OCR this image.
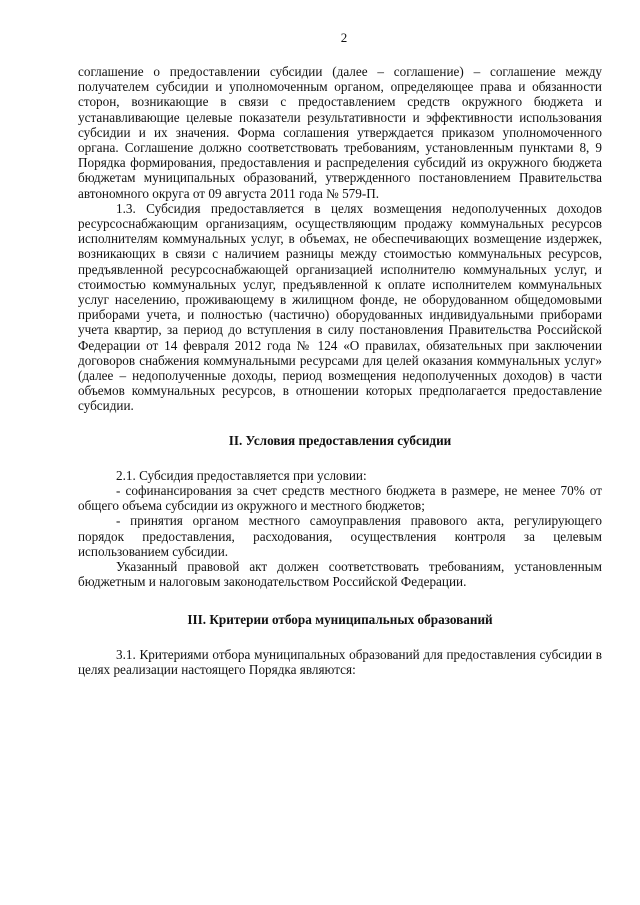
2

соглашение о предоставлении субсидии (далее – соглашение) – соглашение между получателем субсидии и уполномоченным органом, определяющее права и обязанности сторон, возникающие в связи с предоставлением средств окружного бюджета и устанавливающие целевые показатели результативности и эффективности использования субсидии и их значения. Форма соглашения утверждается приказом уполномоченного органа. Соглашение должно соответствовать требованиям, установленным пунктами 8, 9 Порядка формирования, предоставления и распределения субсидий из окружного бюджета бюджетам муниципальных образований, утвержденного постановлением Правительства автономного округа от 09 августа 2011 года № 579-П.

1.3. Субсидия предоставляется в целях возмещения недополученных доходов ресурсоснабжающим организациям, осуществляющим продажу коммунальных ресурсов исполнителям коммунальных услуг, в объемах, не обеспечивающих возмещение издержек, возникающих в связи с наличием разницы между стоимостью коммунальных ресурсов, предъявленной ресурсоснабжающей организацией исполнителю коммунальных услуг, и стоимостью коммунальных услуг, предъявленной к оплате исполнителем коммунальных услуг населению, проживающему в жилищном фонде, не оборудованном общедомовыми приборами учета, и полностью (частично) оборудованных индивидуальными приборами учета квартир, за период до вступления в силу постановления Правительства Российской Федерации от 14 февраля 2012 года № 124 «О правилах, обязательных при заключении договоров снабжения коммунальными ресурсами для целей оказания коммунальных услуг» (далее – недополученные доходы, период возмещения недополученных доходов) в части объемов коммунальных ресурсов, в отношении которых предполагается предоставление субсидии.

II. Условия предоставления субсидии

2.1. Субсидия предоставляется при условии:

- софинансирования за счет средств местного бюджета в размере, не менее 70% от общего объема субсидии из окружного и местного бюджетов;

- принятия органом местного самоуправления правового акта, регулирующего порядок предоставления, расходования, осуществления контроля за целевым использованием субсидии.

Указанный правовой акт должен соответствовать требованиям, установленным бюджетным и налоговым законодательством Российской Федерации.

III. Критерии отбора муниципальных образований

3.1. Критериями отбора муниципальных образований для предоставления субсидии в целях реализации настоящего Порядка являются:
